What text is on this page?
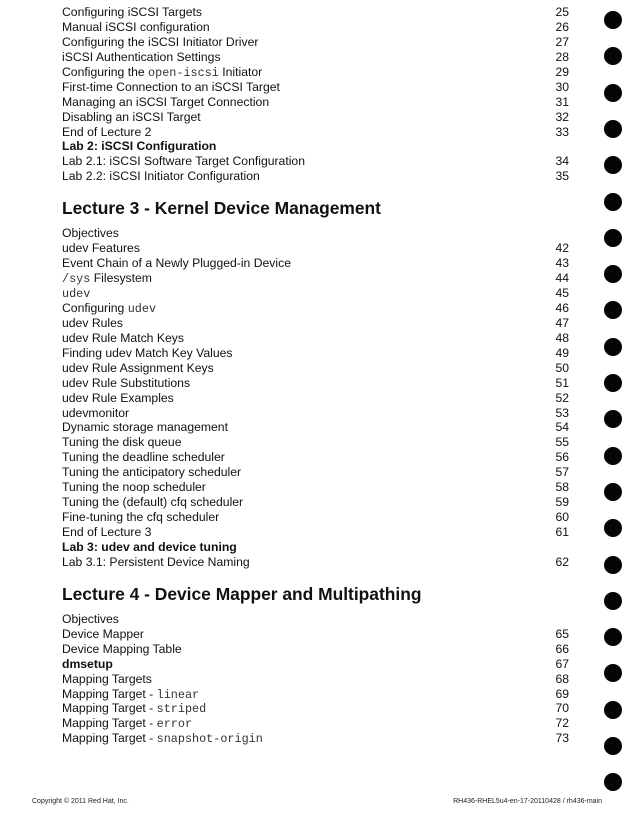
Configuring iSCSI Targets	25
Manual iSCSI configuration	26
Configuring the iSCSI Initiator Driver	27
iSCSI Authentication Settings	28
Configuring the open-iscsi Initiator	29
First-time Connection to an iSCSI Target	30
Managing an iSCSI Target Connection	31
Disabling an iSCSI Target	32
End of Lecture 2	33
Lab 2: iSCSI Configuration
Lab 2.1: iSCSI Software Target Configuration	34
Lab 2.2: iSCSI Initiator Configuration	35
Lecture 3 - Kernel Device Management
Objectives
udev Features	42
Event Chain of a Newly Plugged-in Device	43
/sys Filesystem	44
udev	45
Configuring udev	46
udev Rules	47
udev Rule Match Keys	48
Finding udev Match Key Values	49
udev Rule Assignment Keys	50
udev Rule Substitutions	51
udev Rule Examples	52
udevmonitor	53
Dynamic storage management	54
Tuning the disk queue	55
Tuning the deadline scheduler	56
Tuning the anticipatory scheduler	57
Tuning the noop scheduler	58
Tuning the (default) cfq scheduler	59
Fine-tuning the cfq scheduler	60
End of Lecture 3	61
Lab 3: udev and device tuning
Lab 3.1: Persistent Device Naming	62
Lecture 4 - Device Mapper and Multipathing
Objectives
Device Mapper	65
Device Mapping Table	66
dmsetup	67
Mapping Targets	68
Mapping Target - linear	69
Mapping Target - striped	70
Mapping Target - error	72
Mapping Target - snapshot-origin	73
Copyright © 2011 Red Hat, Inc.	RH436-RHEL5u4-en-17-20110428 / rh436-main
